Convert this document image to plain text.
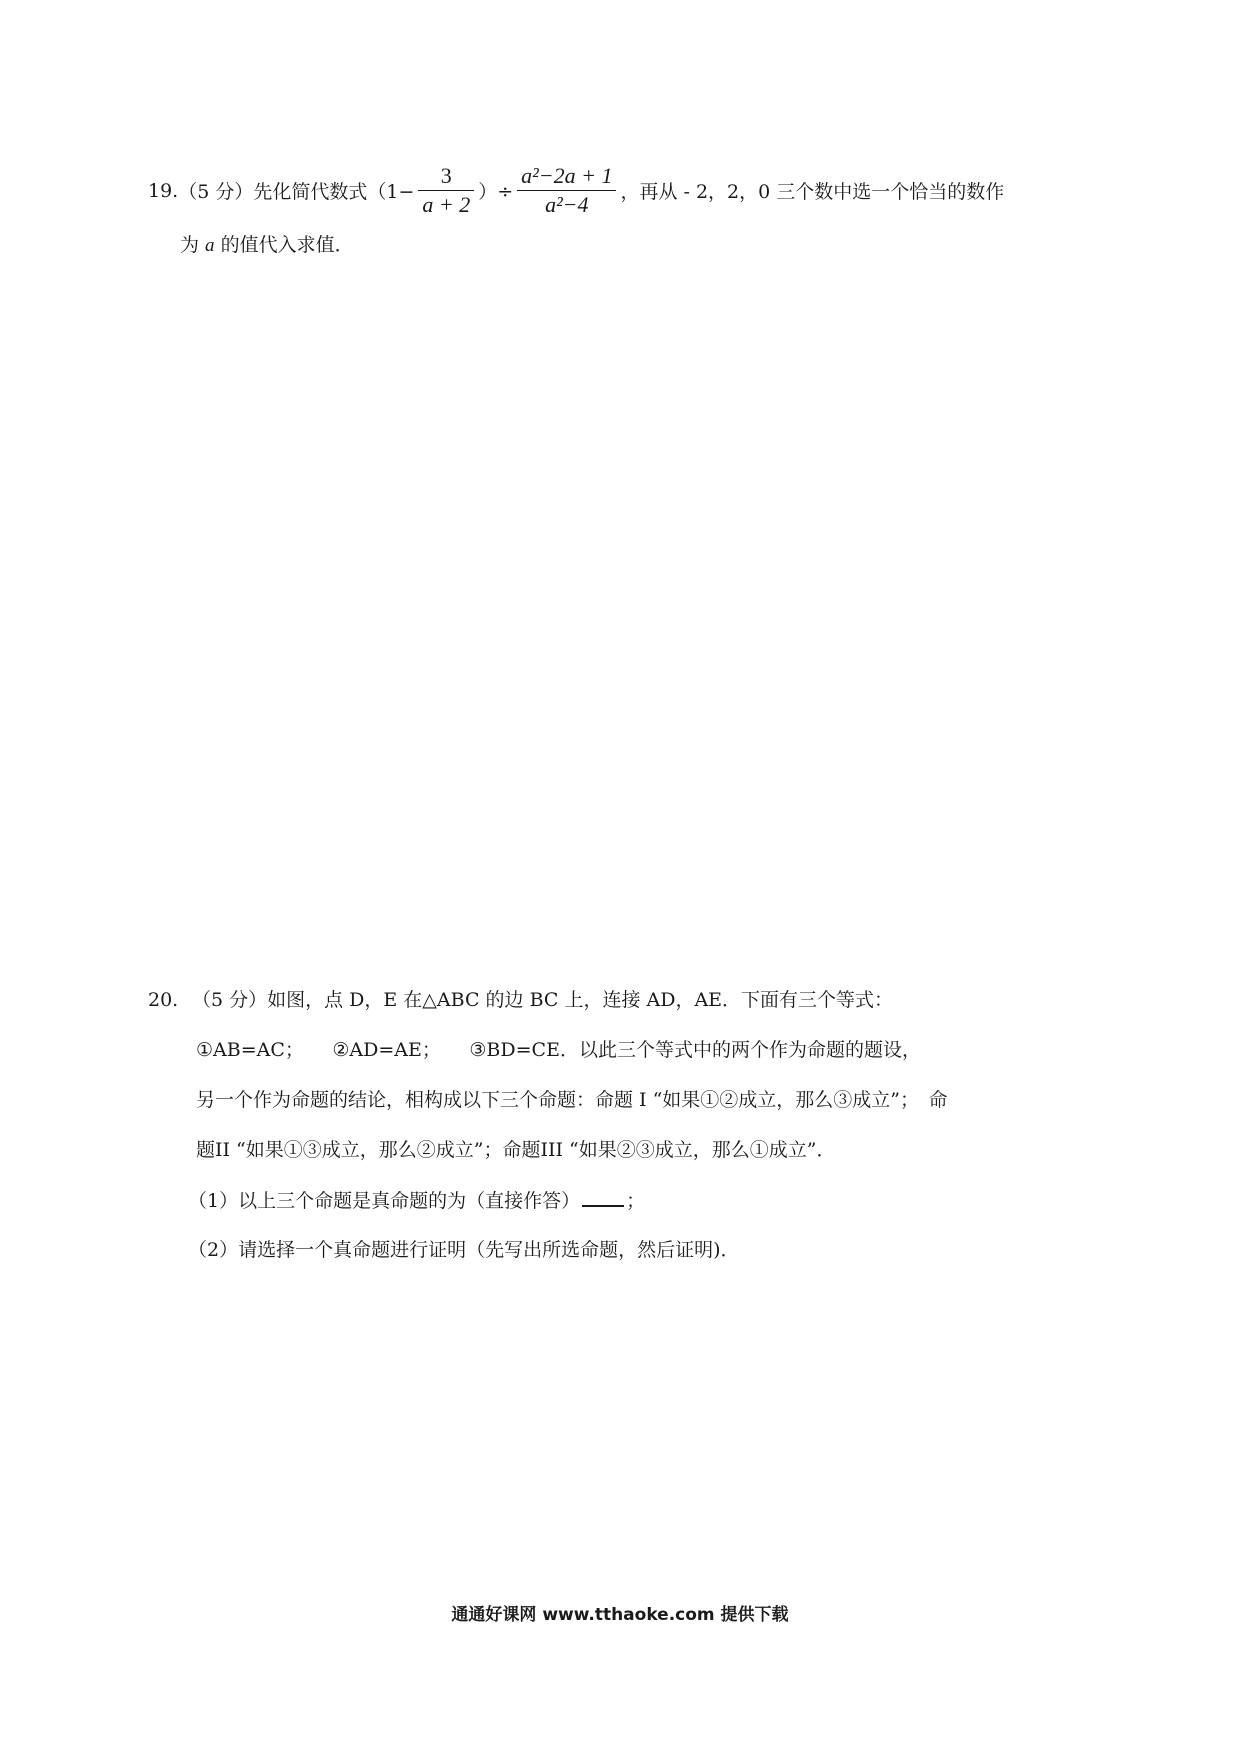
19. （5 分） 先化简代数式（$1- \frac{3}{a + 2}$ ）÷ $\frac{\text{a²−2a + 1}}{\text{a²−4}}$ ，再从 - 2，2，0 三个数中选一个恰当的数作
为 a 的值代入求值．
20. （5 分）如图，点 D，E 在△ABC 的边 BC 上，连接 AD，AE．下面有三个等式：
①AB=AC；　　②AD=AE；　　③BD=CE．以此三个等式中的两个作为命题的题设，
另一个作为命题的结论，相构成以下三个命题：命题 I “如果①②成立，那么③成立”；　命
题II “如果①③成立，那么②成立”；命题III “如果②③成立，那么①成立”．
（1）以上三个命题是真命题的为（直接作答） ；
（2）请选择一个真命题进行证明（先写出所选命题，然后证明)．
通通好课网 www.tthaoke.com 提供下载
